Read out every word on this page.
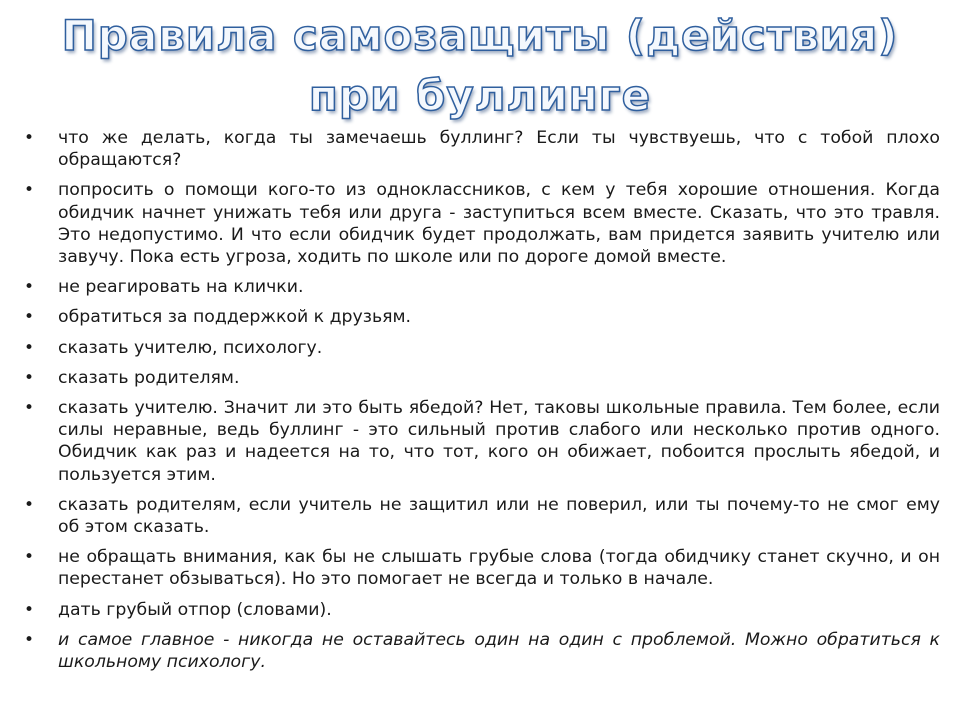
Правила самозащиты (действия)
при буллинге
•	что же делать, когда ты замечаешь буллинг? Если ты чувствуешь, что с тобой плохо обращаются?
•	попросить о помощи кого-то из одноклассников, с кем у тебя хорошие отношения. Когда обидчик начнет унижать тебя или друга - заступиться всем вместе. Сказать, что это травля. Это недопустимо. И что если обидчик будет продолжать, вам придется заявить учителю или завучу. Пока есть угроза, ходить по школе или по дороге домой вместе.
•	не реагировать на клички.
•	обратиться за поддержкой к друзьям.
•	сказать учителю, психологу.
•	сказать родителям.
•	сказать учителю. Значит ли это быть ябедой? Нет, таковы школьные правила. Тем более, если силы неравные, ведь буллинг - это сильный против слабого или несколько против одного. Обидчик как раз и надеется на то, что тот, кого он обижает, побоится прослыть ябедой, и пользуется этим.
•	сказать родителям, если учитель не защитил или не поверил, или ты почему-то не смог ему об этом сказать.
•	не обращать внимания, как бы не слышать грубые слова (тогда обидчику станет скучно, и он перестанет обзываться). Но это помогает не всегда и только в начале.
•	дать грубый отпор (словами).
•	и самое главное - никогда не оставайтесь один на один с проблемой. Можно обратиться к школьному психологу.
